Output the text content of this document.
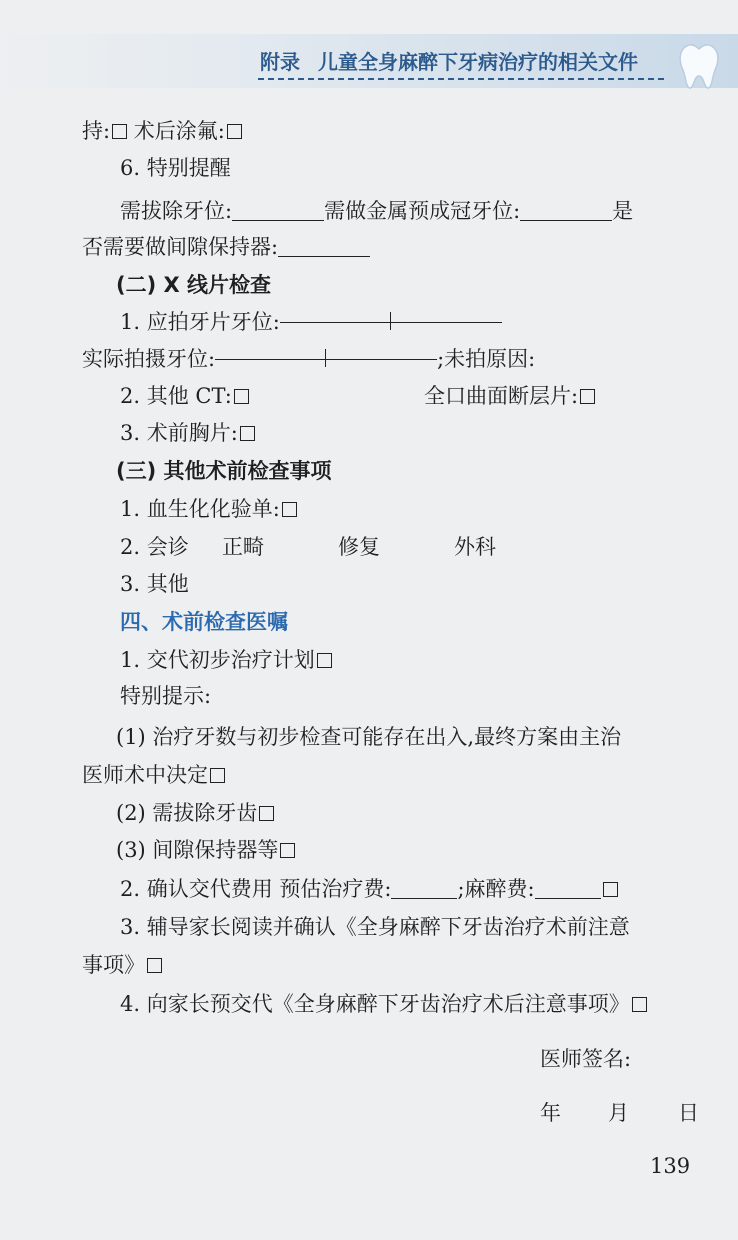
附录 儿童全身麻醉下牙病治疗的相关文件
持: 术后涂氟:
6. 特别提醒
需拔除牙位:	需做金属预成冠牙位:	是
否需要做间隙保持器:
(二) X 线片检查
1. 应拍牙片牙位:
实际拍摄牙位:	;未拍原因:
2. 其他 CT:	全口曲面断层片:
3. 术前胸片:
(三) 其他术前检查事项
1. 血生化化验单:
2. 会诊 正畸	修复	外科
3. 其他
四、术前检查医嘱
1. 交代初步治疗计划
特别提示:
(1) 治疗牙数与初步检查可能存在出入,最终方案由主治
医师术中决定
(2) 需拔除牙齿
(3) 间隙保持器等
2. 确认交代费用 预估治疗费:	;麻醉费:
3. 辅导家长阅读并确认《全身麻醉下牙齿治疗术前注意
事项》
4. 向家长预交代《全身麻醉下牙齿治疗术后注意事项》
医师签名:
年 月 日
139
